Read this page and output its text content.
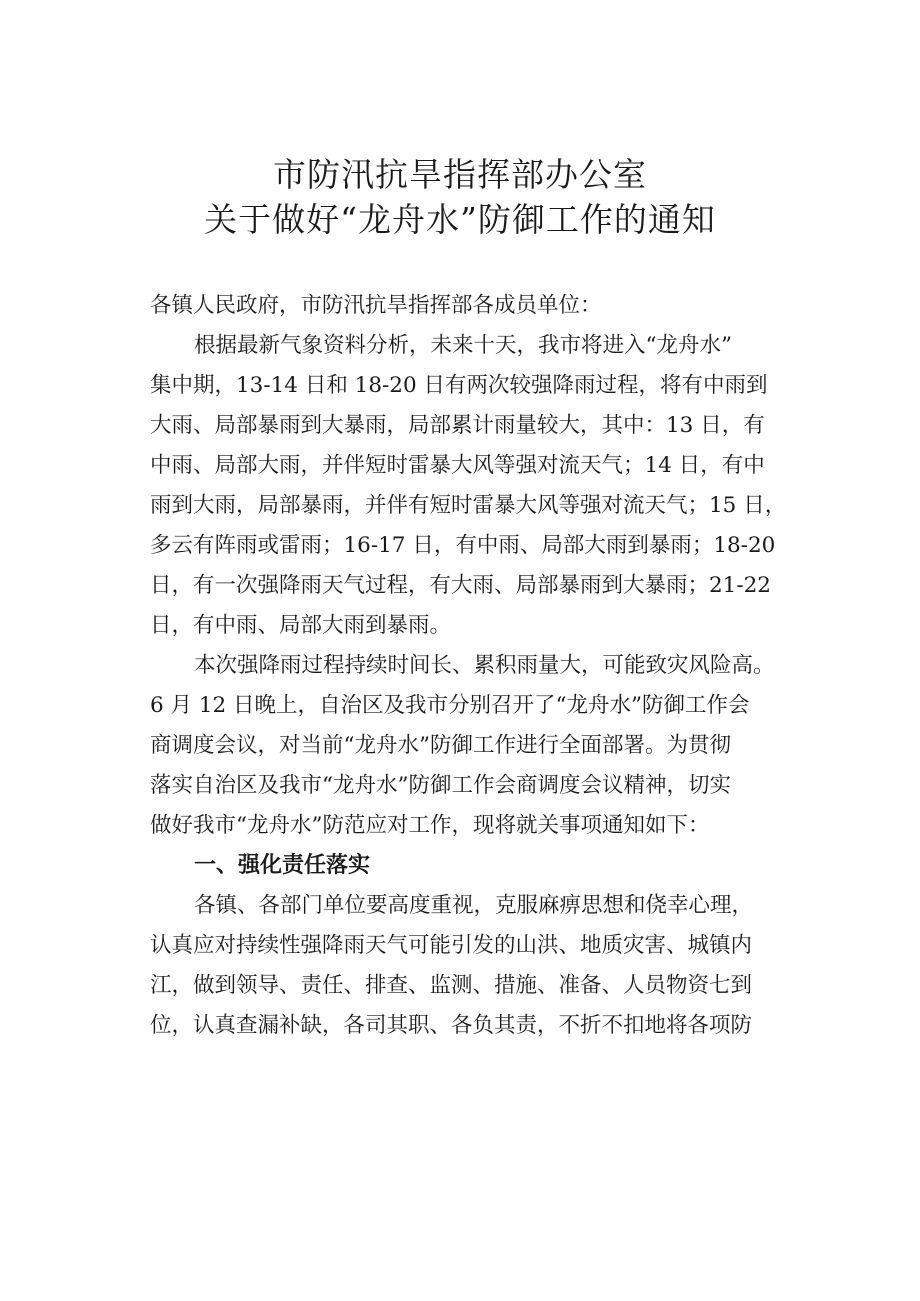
市防汛抗旱指挥部办公室
关于做好“龙舟水”防御工作的通知
各镇人民政府，市防汛抗旱指挥部各成员单位：
根据最新气象资料分析，未来十天，我市将进入“龙舟水”
集中期，13-14 日和 18-20 日有两次较强降雨过程，将有中雨到
大雨、局部暴雨到大暴雨，局部累计雨量较大，其中：13 日，有
中雨、局部大雨，并伴短时雷暴大风等强对流天气；14 日，有中
雨到大雨，局部暴雨，并伴有短时雷暴大风等强对流天气；15 日，
多云有阵雨或雷雨；16-17 日，有中雨、局部大雨到暴雨；18-20
日，有一次强降雨天气过程，有大雨、局部暴雨到大暴雨；21-22
日，有中雨、局部大雨到暴雨。
本次强降雨过程持续时间长、累积雨量大，可能致灾风险高。
6 月 12 日晚上，自治区及我市分别召开了“龙舟水”防御工作会
商调度会议，对当前“龙舟水”防御工作进行全面部署。为贯彻
落实自治区及我市“龙舟水”防御工作会商调度会议精神，切实
做好我市“龙舟水”防范应对工作，现将就关事项通知如下：
一、强化责任落实
各镇、各部门单位要高度重视，克服麻痹思想和侥幸心理，
认真应对持续性强降雨天气可能引发的山洪、地质灾害、城镇内
江，做到领导、责任、排查、监测、措施、准备、人员物资七到
位，认真查漏补缺，各司其职、各负其责，不折不扣地将各项防
